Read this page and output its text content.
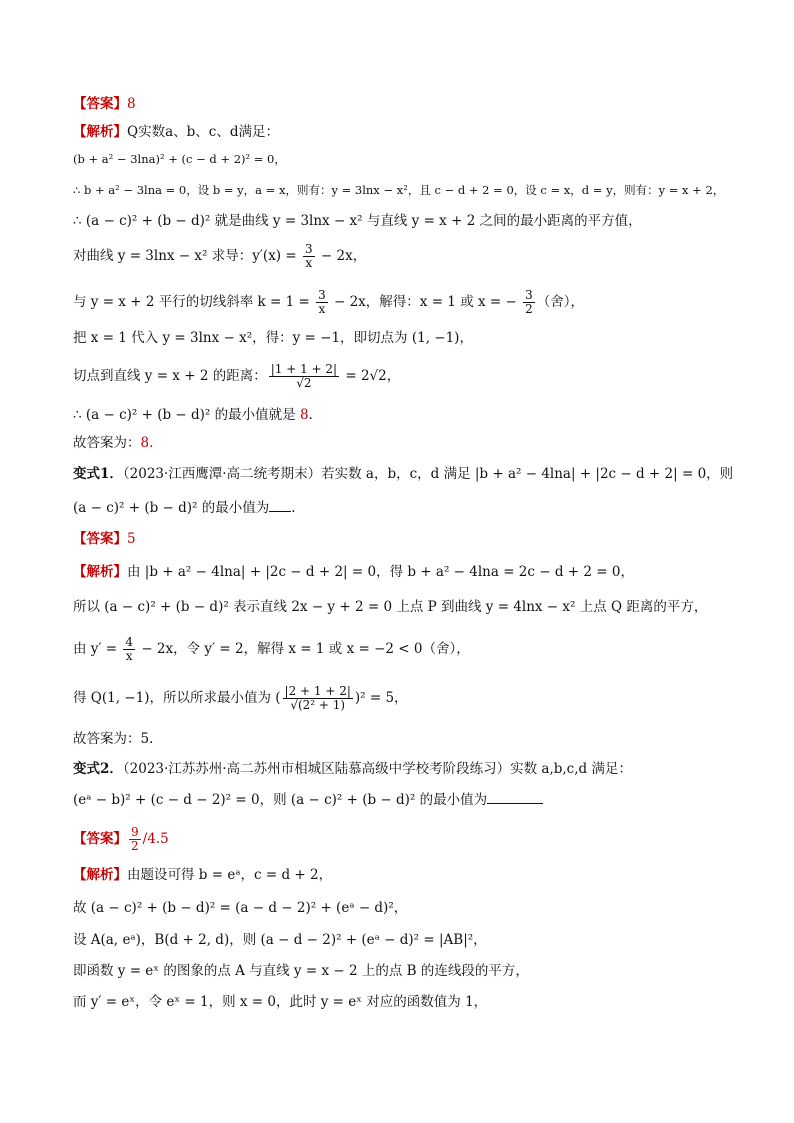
【答案】8
【解析】Q实数a、b、c、d满足：
(b + a² − 3lna)² + (c − d + 2)² = 0，
∴ b + a² − 3lna = 0，设 b = y，a = x，则有：y = 3lnx − x²，且 c − d + 2 = 0，设 c = x，d = y，则有：y = x + 2，
∴ (a − c)² + (b − d)² 就是曲线 y = 3lnx − x² 与直线 y = x + 2 之间的最小距离的平方值，
对曲线 y = 3lnx − x² 求导：$y'(x) = \frac{3}{x} - 2x$，
与 y = x + 2 平行的切线斜率 $k = 1 = \frac{3}{x} - 2x$，解得：x = 1 或 x = − $\frac{3}{2}$ （舍），
把 x = 1 代入 y = 3lnx − x²，得：y = −1，即切点为 (1, −1)，
切点到直线 y = x + 2 的距离： $\frac{|1 + 1 + 2|}{√2} = 2√2$，
∴ (a − c)² + (b − d)² 的最小值就是 8.
故答案为：8.
变式1．（2023·江西鹰潭·高二统考期末）若实数 a，b，c，d 满足 |b + a² − 4lna| + |2c − d + 2| = 0，则
(a − c)² + (b − d)² 的最小值为 .
【答案】5
【解析】由 |b + a² − 4lna| + |2c − d + 2| = 0，得 b + a² − 4lna = 2c − d + 2 = 0，
所以 (a − c)² + (b − d)² 表示直线 2x − y + 2 = 0 上点 P 到曲线 y = 4lnx − x² 上点 Q 距离的平方，
由 $y' = \frac{4}{x} - 2x$，令 y′ = 2，解得 x = 1 或 x = −2 < 0（舍），
得 Q(1, −1)，所以所求最小值为 ( $\frac{|2 + 1 + 2|}{\text{√(2² + 1)}} )^2 = 5$，
故答案为：5.
变式2．（2023·江苏苏州·高二苏州市相城区陆慕高级中学校考阶段练习）实数 a,b,c,d 满足：
(eᵃ − b)² + (c − d − 2)² = 0，则 (a − c)² + (b − d)² 的最小值为
【答案】 $\frac{9}{2} /4.5$
【解析】由题设可得 b = eᵃ，c = d + 2，
故 (a − c)² + (b − d)² = (a − d − 2)² + (eᵃ − d)²，
设 A(a, eᵃ)，B(d + 2, d)，则 (a − d − 2)² + (eᵃ − d)² = |AB|²，
即函数 y = eˣ 的图象的点 A 与直线 y = x − 2 上的点 B 的连线段的平方，
而 y′ = eˣ，令 eˣ = 1，则 x = 0，此时 y = eˣ 对应的函数值为 1，
